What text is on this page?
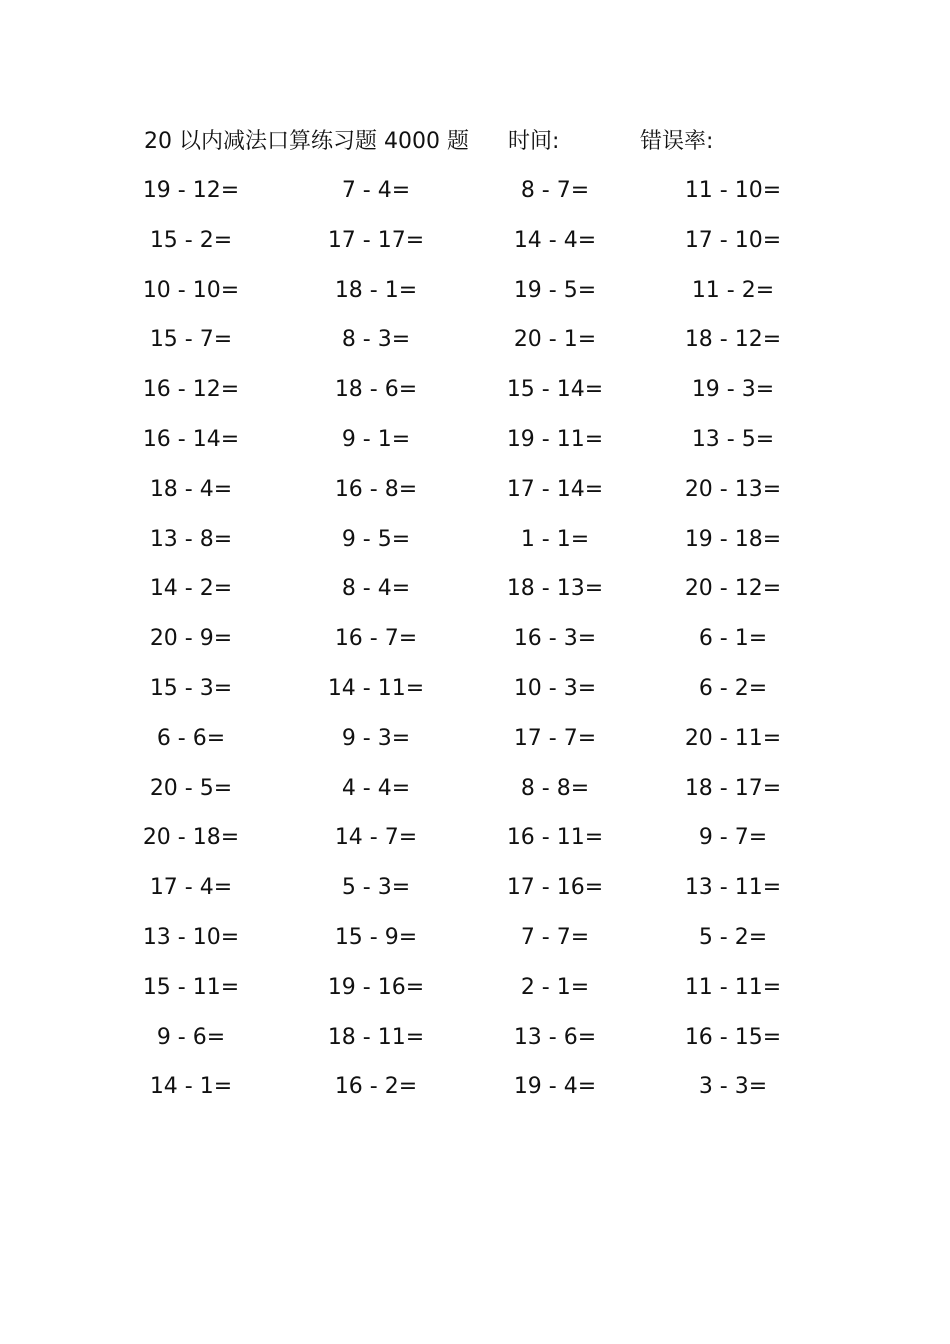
20 以内减法口算练习题 4000 题 时间:	错误率:
19 - 12=	7 - 4=	8 - 7=	11 - 10=
15 - 2=	17 - 17=	14 - 4=	17 - 10=
10 - 10=	18 - 1=	19 - 5=	11 - 2=
15 - 7=	8 - 3=	20 - 1=	18 - 12=
16 - 12=	18 - 6=	15 - 14=	19 - 3=
16 - 14=	9 - 1=	19 - 11=	13 - 5=
18 - 4=	16 - 8=	17 - 14=	20 - 13=
13 - 8=	9 - 5=	1 - 1=	19 - 18=
14 - 2=	8 - 4=	18 - 13=	20 - 12=
20 - 9=	16 - 7=	16 - 3=	6 - 1=
15 - 3=	14 - 11=	10 - 3=	6 - 2=
6 - 6=	9 - 3=	17 - 7=	20 - 11=
20 - 5=	4 - 4=	8 - 8=	18 - 17=
20 - 18=	14 - 7=	16 - 11=	9 - 7=
17 - 4=	5 - 3=	17 - 16=	13 - 11=
13 - 10=	15 - 9=	7 - 7=	5 - 2=
15 - 11=	19 - 16=	2 - 1=	11 - 11=
9 - 6=	18 - 11=	13 - 6=	16 - 15=
14 - 1=	16 - 2=	19 - 4=	3 - 3=
